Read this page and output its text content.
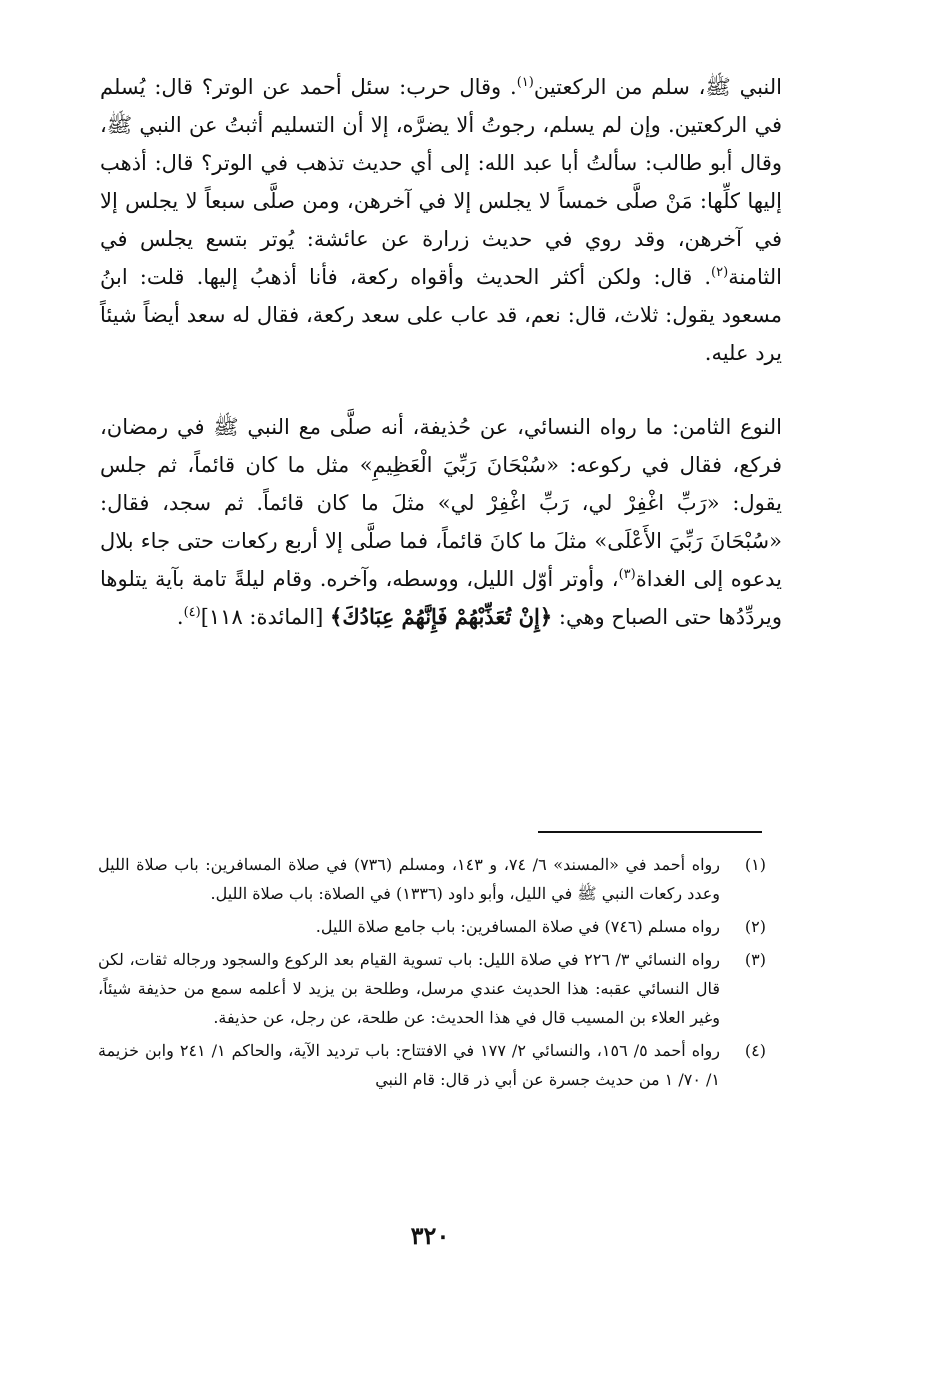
النبي ﷺ، سلم من الركعتين$^{(١)}$. وقال حرب: سئل أحمد عن الوتر؟ قال: يُسلم في الركعتين. وإن لم يسلم، رجوتُ ألا يضرَّه، إلا أن التسليم أثبتُ عن النبي ﷺ، وقال أبو طالب: سألتُ أبا عبد الله: إلى أي حديث تذهب في الوتر؟ قال: أذهب إليها كلِّها: مَنْ صلَّى خمساً لا يجلس إلا في آخرهن، ومن صلَّى سبعاً لا يجلس إلا في آخرهن، وقد روي في حديث زرارة عن عائشة: يُوتر بتسع يجلس في الثامنة$^{(٢)}$. قال: ولكن أكثر الحديث وأقواه ركعة، فأنا أذهبُ إليها. قلت: ابنُ مسعود يقول: ثلاث، قال: نعم، قد عاب على سعد ركعة، فقال له سعد أيضاً شيئاً يرد عليه.

النوع الثامن: ما رواه النسائي، عن حُذيفة، أنه صلَّى مع النبي ﷺ في رمضان، فركع، فقال في ركوعه: «سُبْحَانَ رَبِّيَ الْعَظِيمِ» مثل ما كان قائماً، ثم جلس يقول: «رَبِّ اغْفِرْ لي، رَبِّ اغْفِرْ لي» مثلَ ما كان قائماً. ثم سجد، فقال: «سُبْحَانَ رَبِّيَ الأَعْلَى» مثلَ ما كانَ قائماً، فما صلَّى إلا أربع ركعات حتى جاء بلال يدعوه إلى الغداة$^{(٣)}$، وأوتر أوّل الليل، ووسطه، وآخره. وقام ليلةً تامة بآية يتلوها ويردِّدُها حتى الصباح وهي: ﴿إِنْ تُعَذِّبْهُمْ فَإِنَّهُمْ عِبَادُكَ﴾ [المائدة: ١١٨]$^{(٤)}$.

(١)
رواه أحمد في «المسند» ٦/ ٧٤، و ١٤٣، ومسلم (٧٣٦) في صلاة المسافرين: باب صلاة الليل وعدد ركعات النبي ﷺ في الليل، وأبو داود (١٣٣٦) في الصلاة: باب صلاة الليل.
(٢)
رواه مسلم (٧٤٦) في صلاة المسافرين: باب جامع صلاة الليل.
(٣)
رواه النسائي ٣/ ٢٢٦ في صلاة الليل: باب تسوية القيام بعد الركوع والسجود ورجاله ثقات، لكن قال النسائي عقبه: هذا الحديث عندي مرسل، وطلحة بن يزيد لا أعلمه سمع من حذيفة شيئاً، وغير العلاء بن المسيب قال في هذا الحديث: عن طلحة، عن رجل، عن حذيفة.
(٤)
رواه أحمد ٥/ ١٥٦، والنسائي ٢/ ١٧٧ في الافتتاح: باب ترديد الآية، والحاكم ١/ ٢٤١ وابن خزيمة ١/ ٧٠/ ١ من حديث جسرة عن أبي ذر قال: قام النبي
٣٢٠
